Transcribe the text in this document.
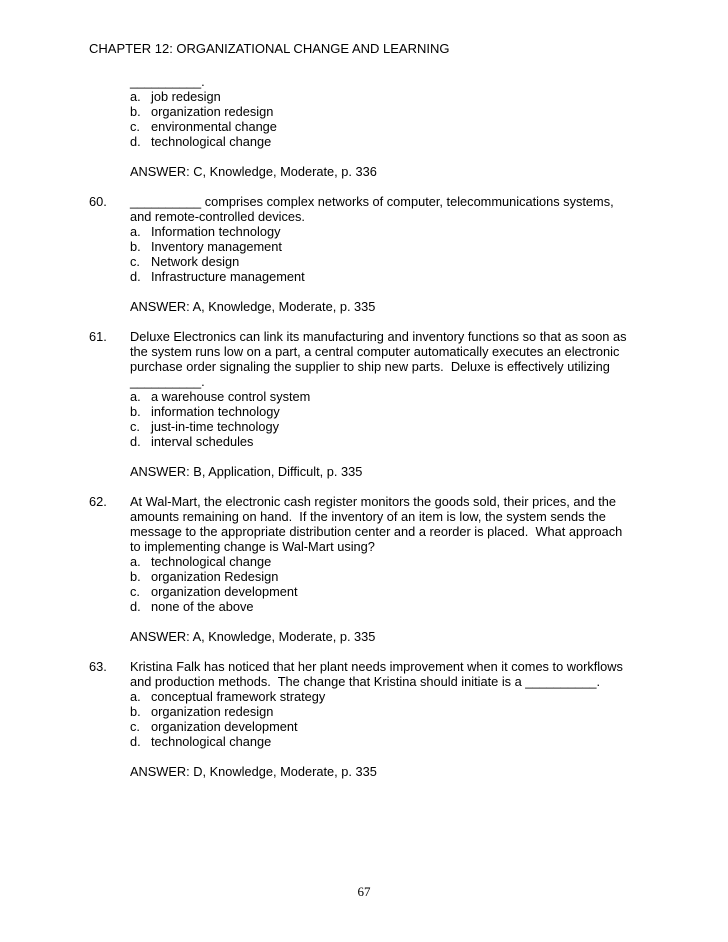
CHAPTER 12: ORGANIZATIONAL CHANGE AND LEARNING
__________.
a. job redesign
b. organization redesign
c. environmental change
d. technological change
ANSWER: C, Knowledge, Moderate, p. 336
60. __________ comprises complex networks of computer, telecommunications systems,
and remote-controlled devices.
a. Information technology
b. Inventory management
c. Network design
d. Infrastructure management
ANSWER: A, Knowledge, Moderate, p. 335
61. Deluxe Electronics can link its manufacturing and inventory functions so that as soon as
the system runs low on a part, a central computer automatically executes an electronic
purchase order signaling the supplier to ship new parts.  Deluxe is effectively utilizing
__________.
a. a warehouse control system
b. information technology
c. just-in-time technology
d. interval schedules
ANSWER: B, Application, Difficult, p. 335
62. At Wal-Mart, the electronic cash register monitors the goods sold, their prices, and the
amounts remaining on hand.  If the inventory of an item is low, the system sends the
message to the appropriate distribution center and a reorder is placed.  What approach
to implementing change is Wal-Mart using?
a. technological change
b. organization Redesign
c. organization development
d. none of the above
ANSWER: A, Knowledge, Moderate, p. 335
63. Kristina Falk has noticed that her plant needs improvement when it comes to workflows
and production methods.  The change that Kristina should initiate is a __________.
a. conceptual framework strategy
b. organization redesign
c. organization development
d. technological change
ANSWER: D, Knowledge, Moderate, p. 335
67
